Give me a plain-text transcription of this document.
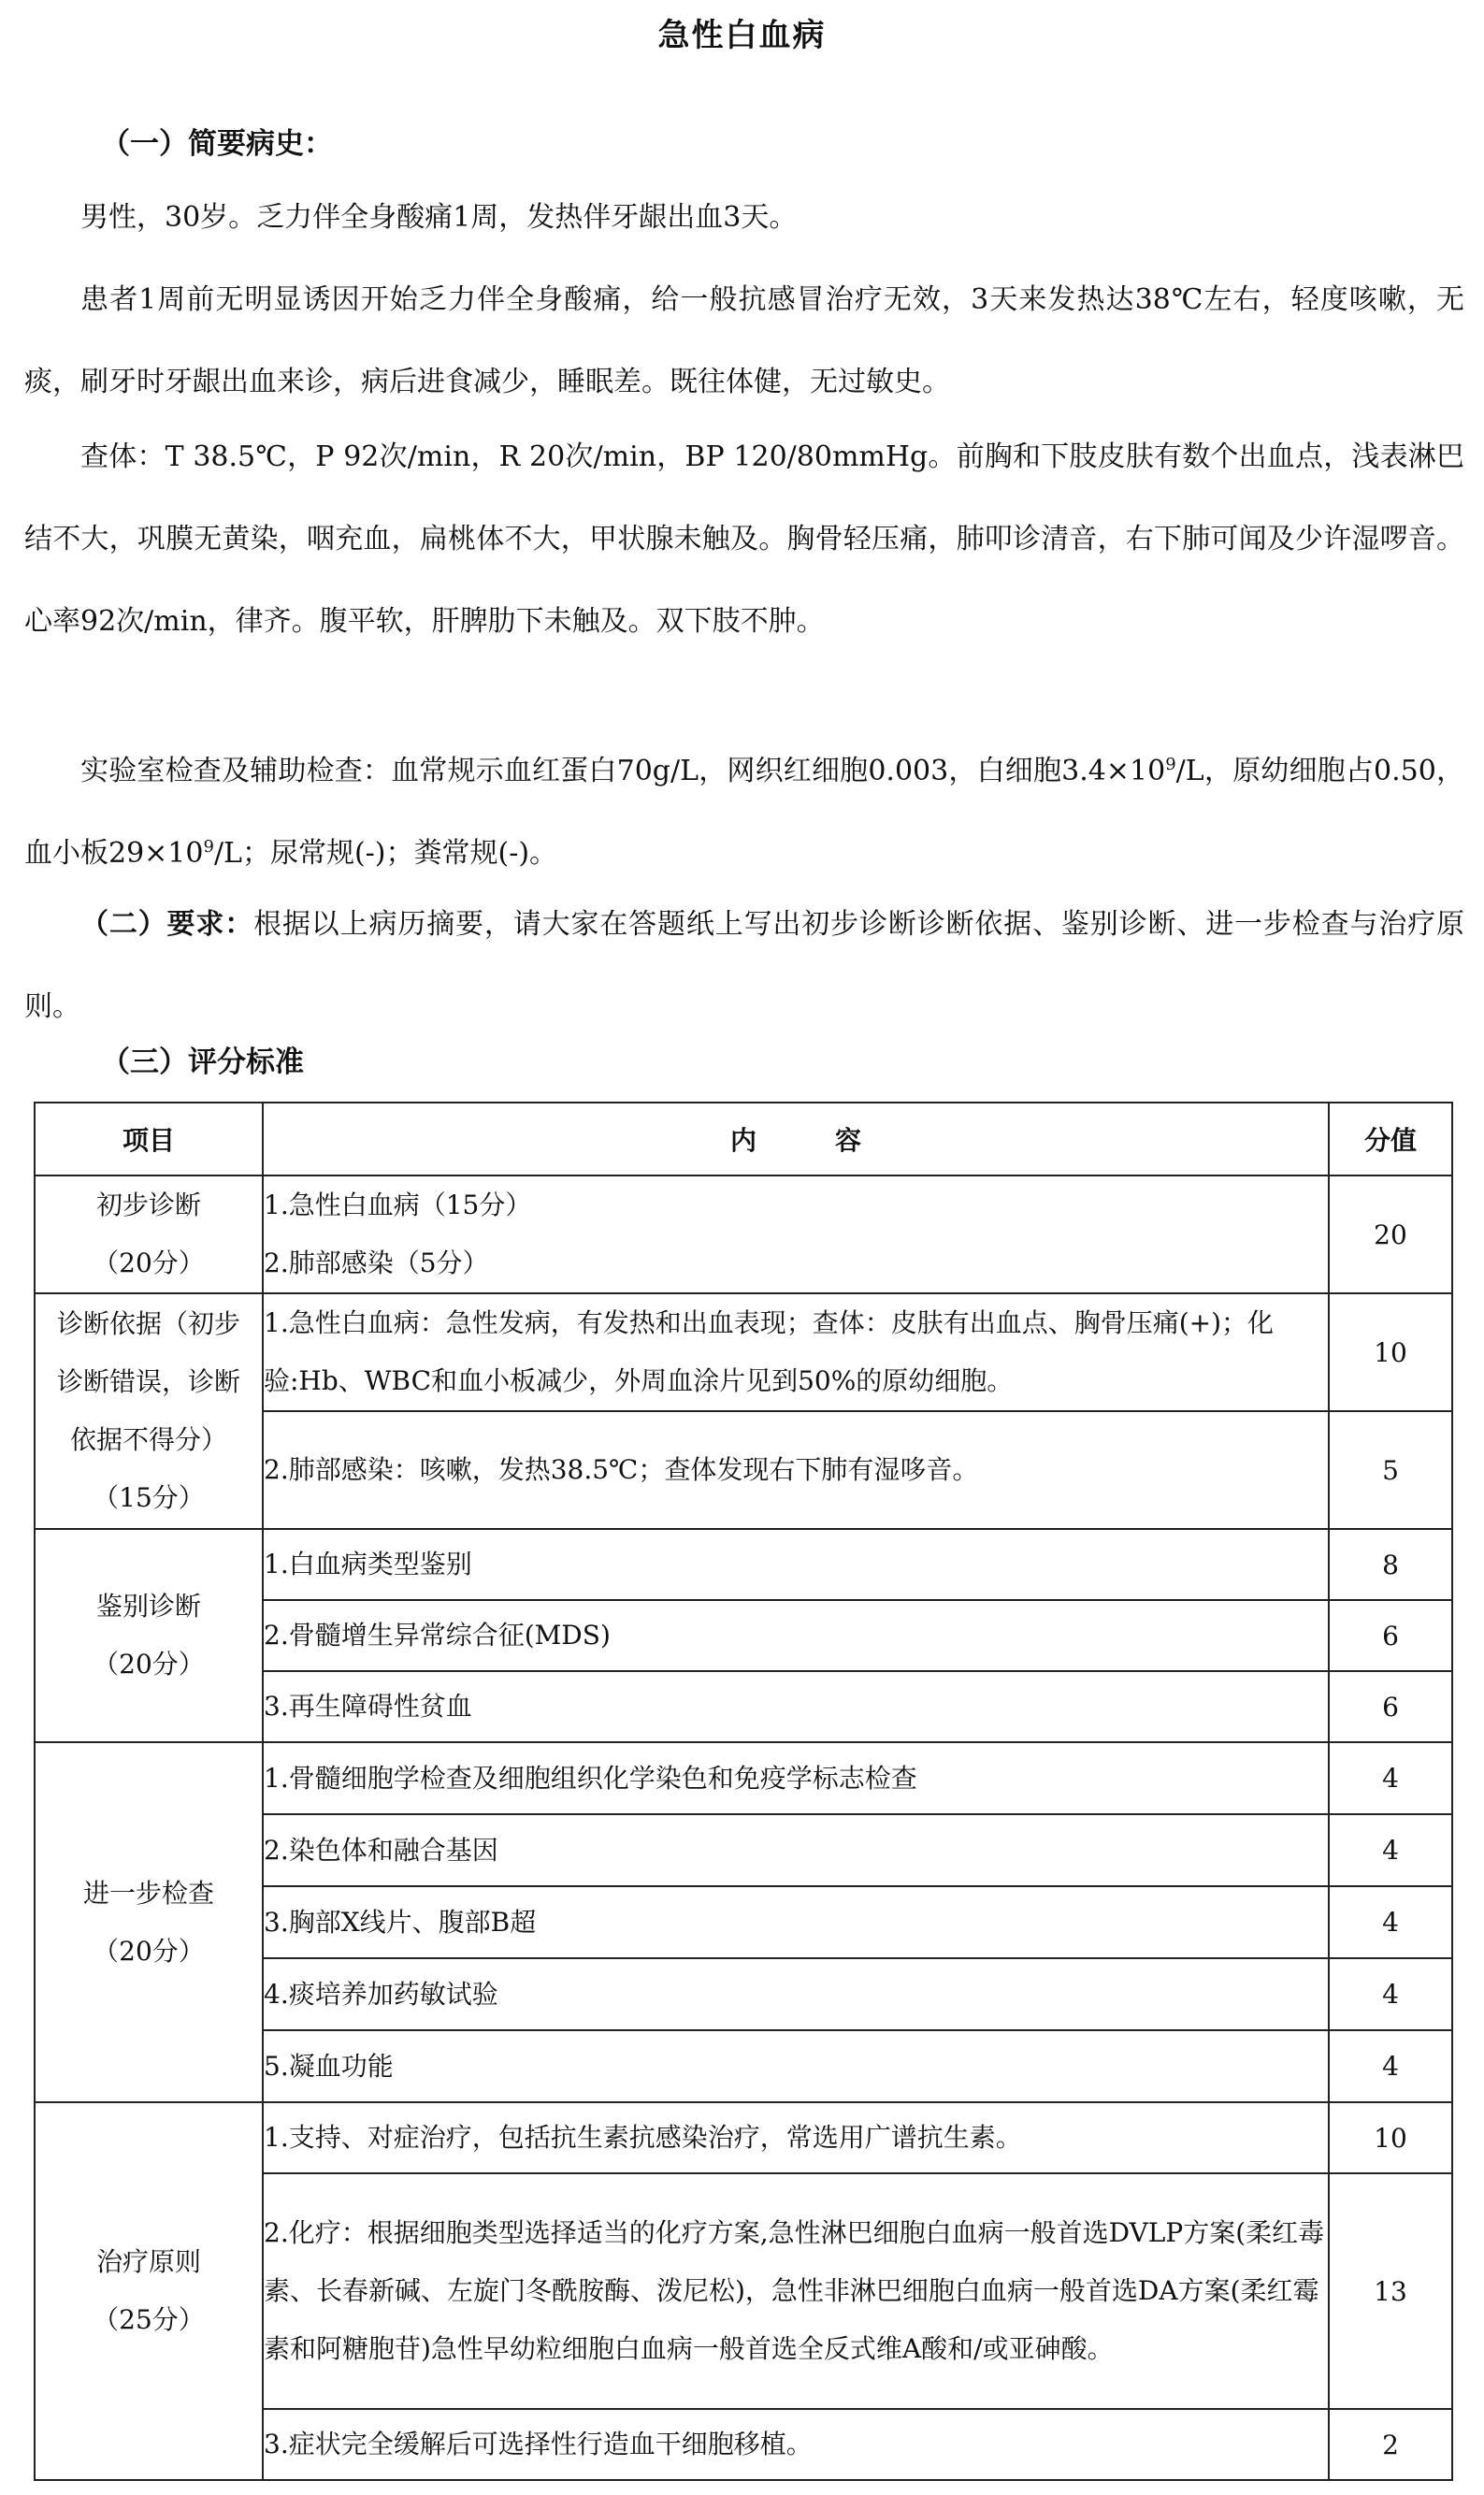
急性白血病
（一）简要病史：

男性，30岁。乏力伴全身酸痛1周，发热伴牙龈出血3天。

患者1周前无明显诱因开始乏力伴全身酸痛，给一般抗感冒治疗无效，3天来发热达38℃左右，轻度咳嗽，无痰，刷牙时牙龈出血来诊，病后进食减少，睡眠差。既往体健，无过敏史。

查体：T 38.5℃，P 92次/min，R 20次/min，BP 120/80mmHg。前胸和下肢皮肤有数个出血点，浅表淋巴结不大，巩膜无黄染，咽充血，扁桃体不大，甲状腺未触及。胸骨轻压痛，肺叩诊清音，右下肺可闻及少许湿啰音。心率92次/min，律齐。腹平软，肝脾肋下未触及。双下肢不肿。

实验室检查及辅助检查：血常规示血红蛋白70g/L，网织红细胞0.003，白细胞$3.4\times 10^9/L$，原幼细胞占0.50，血小板$29\times 10^9/L$；尿常规(-)；粪常规(-)。

（二）要求：根据以上病历摘要，请大家在答题纸上写出初步诊断诊断依据、鉴别诊断、进一步检查与治疗原则。

（三）评分标准
项目	内　　　容	分值

初步诊断
（20分）	1.急性白血病（15分）
2.肺部感染（5分）	20

诊断依据（初步
诊断错误，诊断
依据不得分）
（15分）	1.急性白血病：急性发病，有发热和出血表现；查体：皮肤有出血点、胸骨压痛(+)；化验:Hb、WBC和血小板减少，外周血涂片见到50%的原幼细胞。	10
	2.肺部感染：咳嗽，发热38.5℃；查体发现右下肺有湿哆音。	5

鉴别诊断
（20分）	1.白血病类型鉴别	8
	2.骨髓增生异常综合征(MDS)	6
	3.再生障碍性贫血	6

进一步检查
（20分）	1.骨髓细胞学检查及细胞组织化学染色和免疫学标志检查	4
	2.染色体和融合基因	4
	3.胸部X线片、腹部B超	4
	4.痰培养加药敏试验	4
	5.凝血功能	4

治疗原则
（25分）	1.支持、对症治疗，包括抗生素抗感染治疗，常选用广谱抗生素。	10
	2.化疗：根据细胞类型选择适当的化疗方案,急性淋巴细胞白血病一般首选DVLP方案(柔红毒素、长春新碱、左旋门冬酰胺酶、泼尼松)，急性非淋巴细胞白血病一般首选DA方案(柔红霉素和阿糖胞苷)急性早幼粒细胞白血病一般首选全反式维A酸和/或亚砷酸。	13
	3.症状完全缓解后可选择性行造血干细胞移植。	2
